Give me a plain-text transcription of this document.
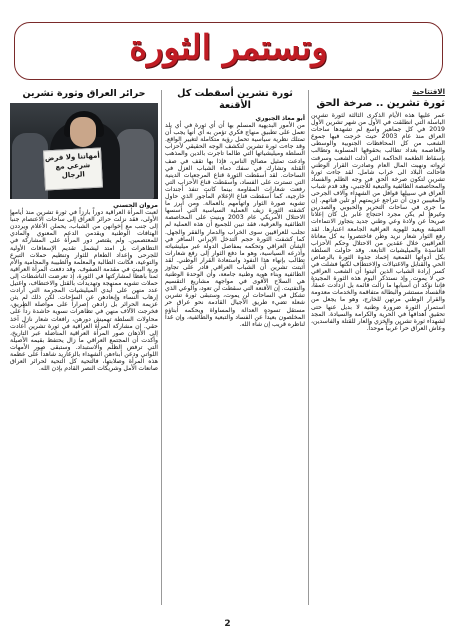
وتستمر الثورة
الافتتاحية
ثورة تشرين .. صرخة الحق

عمر عليها هذه الأيام الذكرى الثالثة لثورة تشرين الباسلة التي انطلقت في الأول من شهر تشرين الأول 2019 في كل جماهير واسع لم تشهدها ساحات العراق منذ عام 2003 حيث خرجت فيها جموع الشعب من كل المحافظات الجنوبية والوسطى والعاصمة بغداد تطالب بحقوقها المسلوبة وتطالب بإسقاط الطغمة الحاكمة التي أذلت الشعب وسرقت ثرواته ونهبت المال العام وصادرت القرار الوطني فأحالت البلاد الى خراب شامل. لقد جاءت ثورة تشرين لتكون صرخة الحق في وجه الظلم والفساد والمحاصصة الطائفية والتبعية للأجنبي، وقد قدم شباب العراق في سبيلها قوافل من الشهداء وآلاف الجرحى والمغيبين دون أن تتراجع عزيمتهم أو تلين قناتهم. إن ما جرى في ساحات التحرير والحبوبي والصدرين وغيرها لم يكن مجرد احتجاج عابر بل كان إعلاناً صريحاً عن ولادة وعي وطني جديد يتجاوز الانتماءات الضيقة ويعيد للهوية العراقية الجامعة اعتبارها. لقد رفع الثوار شعار نريد وطن فاختصروا به كل معاناة العراقيين خلال عقدين من الاحتلال وحكم الأحزاب الفاسدة والميليشيات التابعة. وقد حاولت السلطة بكل أدواتها القمعية إخماد جذوة الثورة بالرصاص الحي والقنابل والاغتيالات والاختطاف لكنها فشلت في كسر إرادة الشباب الذين أثبتوا أن الشعب العراقي حي لا يموت. وإذ نستذكر اليوم هذه الثورة المجيدة فإننا نؤكد أن أسبابها ما زالت قائمة بل ازدادت عمقاً، فالفساد مستشر والبطالة متفاقمة والخدمات معدومة والقرار الوطني مرتهن للخارج، وهو ما يجعل من استمرار الثورة ضرورة وطنية لا بديل عنها حتى تحقيق أهدافها في الحرية والكرامة والسيادة. المجد لشهداء ثورة تشرين والخزي والعار للقتلة والفاسدين، وعاش العراق حراً عربياً موحداً.

ثورة تشرين أسقطت كل الأقنعة

أبو معاذ الجبوري

من الأمور البديهية المسلم بها أن أي ثورة في أي بلد تعمل على تطبيق منهاج فكري تؤمن به أي أنها يجب أن تمتلك نظرية سياسية تحمل رؤية متكاملة لتغيير الواقع. وقد جاءت ثورة تشرين لتكشف الوجه الحقيقي لأحزاب السلطة وميليشياتها التي طالما تاجرت بالدين والمذهب وادعت تمثيل مصالح الناس، فإذا بها تقف في صف القتلة وتشارك في سفك دماء الشباب العزل في الساحات. لقد أسقطت الثورة قناع المرجعيات الدينية التي تسترت على الفساد، وأسقطت قناع الأحزاب التي رفعت شعارات المقاومة بينما كانت تنفذ أجندات خارجية، كما أسقطت قناع الإعلام المأجور الذي حاول تشويه صورة الثوار واتهامهم بالعمالة. ومن أبرز ما كشفته الثورة زيف العملية السياسية التي أسسها الاحتلال الأمريكي عام 2003 وبنيت على المحاصصة الطائفية والعرقية، فقد تبين للجميع أن هذه العملية لم تجلب للعراقيين سوى الخراب والدمار والفقر والجهل. كما كشفت الثورة حجم التدخل الإيراني السافر في الشأن العراقي وتحكمه بمفاصل الدولة عبر ميليشياته وأذرعه السياسية، وهو ما دفع الثوار إلى رفع شعارات تطالب بإنهاء هذا النفوذ واستعادة القرار الوطني. لقد أثبتت تشرين أن الشباب العراقي قادر على تجاوز الطائفية وبناء هوية وطنية جامعة، وأن الوحدة الوطنية هي السلاح الأقوى في مواجهة مشاريع التقسيم والتفتيت. إن الأقنعة التي سقطت لن تعود، والوعي الذي تشكل في الساحات لن يموت، وستبقى ثورة تشرين شعلة تضيء طريق الأجيال القادمة نحو عراق حر مستقل تسوده العدالة والمساواة ويحكمه أبناؤه المخلصون بعيداً عن الفساد والتبعية والطائفية، وإن غداً لناظره قريب إن شاء الله.

حرائر العراق وثورة تشرين
أمهاتنا ولا فرض شرعي مع الرجال

مروان الحسني

لعبت المرأة العراقية دوراً بارزاً في ثورة تشرين منذ أيامها الأولى، فقد نزلت حرائر العراق إلى ساحات الاعتصام جنباً إلى جنب مع إخوانهن من الشباب، يحملن الأعلام ويرددن الهتافات الوطنية ويقدمن الدعم المعنوي والمادي للمعتصمين. ولم يقتصر دور المرأة على المشاركة في التظاهرات بل امتد ليشمل تقديم الإسعافات الأولية للجرحى وإعداد الطعام للثوار وتنظيم حملات التبرع والتوعية، فكانت الطالبة والمعلمة والطبيبة والمحامية والأم وربة البيت في مقدمة الصفوف. وقد دفعت المرأة العراقية ثمناً باهظاً لمشاركتها في الثورة، إذ تعرضت الناشطات إلى حملات تشويه ممنهجة وتهديدات بالقتل والاختطاف، واغتيل عدد منهن على أيدي الميليشيات المجرمة التي أرادت إرهاب النساء وإبعادهن عن الساحات. لكن ذلك لم يثن عزيمة الحرائر بل زادهن إصراراً على مواصلة الطريق، فخرجت الآلاف منهن في تظاهرات نسوية حاشدة رداً على محاولات السلطة تهميش دورهن، رافعات شعار نازل آخذ حقي. إن مشاركة المرأة العراقية في ثورة تشرين أعادت إلى الأذهان صور المرأة العراقية المناضلة عبر التاريخ، وأكدت أن المجتمع العراقي ما زال يحتفظ بقيمه الأصيلة التي ترفض الظلم والاستبداد. وستبقى صور الأمهات اللواتي ودعن أبناءهن الشهداء بالزغاريد شاهداً على عظمة هذه المرأة وصلابتها، فالتحية كل التحية لحرائر العراق صانعات الأمل وشريكات النصر القادم بإذن الله.

2
